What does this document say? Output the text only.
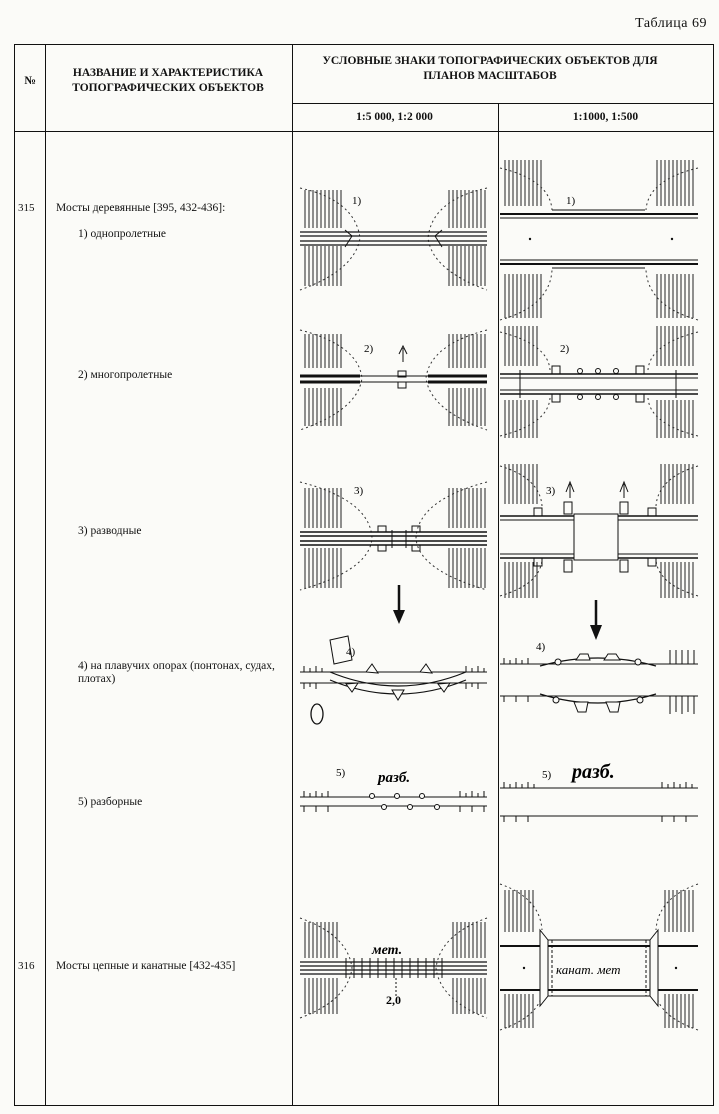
Таблица 69
№
НАЗВАНИЕ И ХАРАКТЕРИСТИКА ТОПОГРАФИЧЕСКИХ ОБЪЕКТОВ
УСЛОВНЫЕ ЗНАКИ ТОПОГРАФИЧЕСКИХ ОБЪЕКТОВ ДЛЯ ПЛАНОВ МАСШТАБОВ
1:5 000, 1:2 000	1:1000, 1:500
315 Мосты деревянные [395, 432-436]:
1) однопролетные
2) многопролетные
3) разводные
4) на плавучих опорах (понтонах, судах, плотах)
5) разборные
316 Мосты цепные и канатные [432-435]
1)
2)
3)
4)
5) разб.
мет.
2,0
1)
2)
3)
4)
5) разб.
канат. мет
